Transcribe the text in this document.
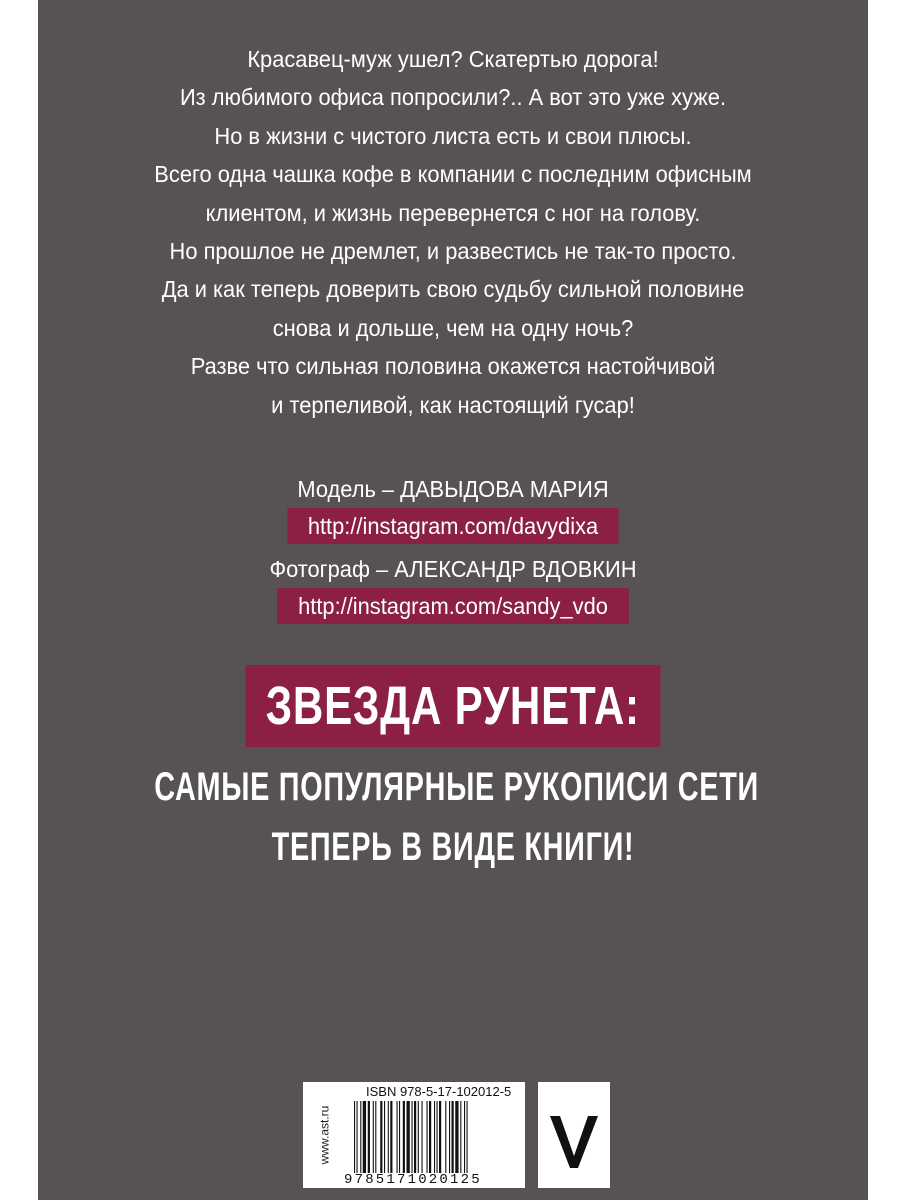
Красавец-муж ушел? Скатертью дорога!
Из любимого офиса попросили?.. А вот это уже хуже.
Но в жизни с чистого листа есть и свои плюсы.
Всего одна чашка кофе в компании с последним офисным
клиентом, и жизнь перевернется с ног на голову.
Но прошлое не дремлет, и развестись не так-то просто.
Да и как теперь доверить свою судьбу сильной половине
снова и дольше, чем на одну ночь?
Разве что сильная половина окажется настойчивой
и терпеливой, как настоящий гусар!
Модель – ДАВЫДОВА МАРИЯ
http://instagram.com/davydixa
Фотограф – АЛЕКСАНДР ВДОВКИН
http://instagram.com/sandy_vdo
ЗВЕЗДА РУНЕТА:
САМЫЕ ПОПУЛЯРНЫЕ РУКОПИСИ СЕТИ
ТЕПЕРЬ В ВИДЕ КНИГИ!
www.ast.ru
ISBN 978-5-17-102012-5
9785171020125
